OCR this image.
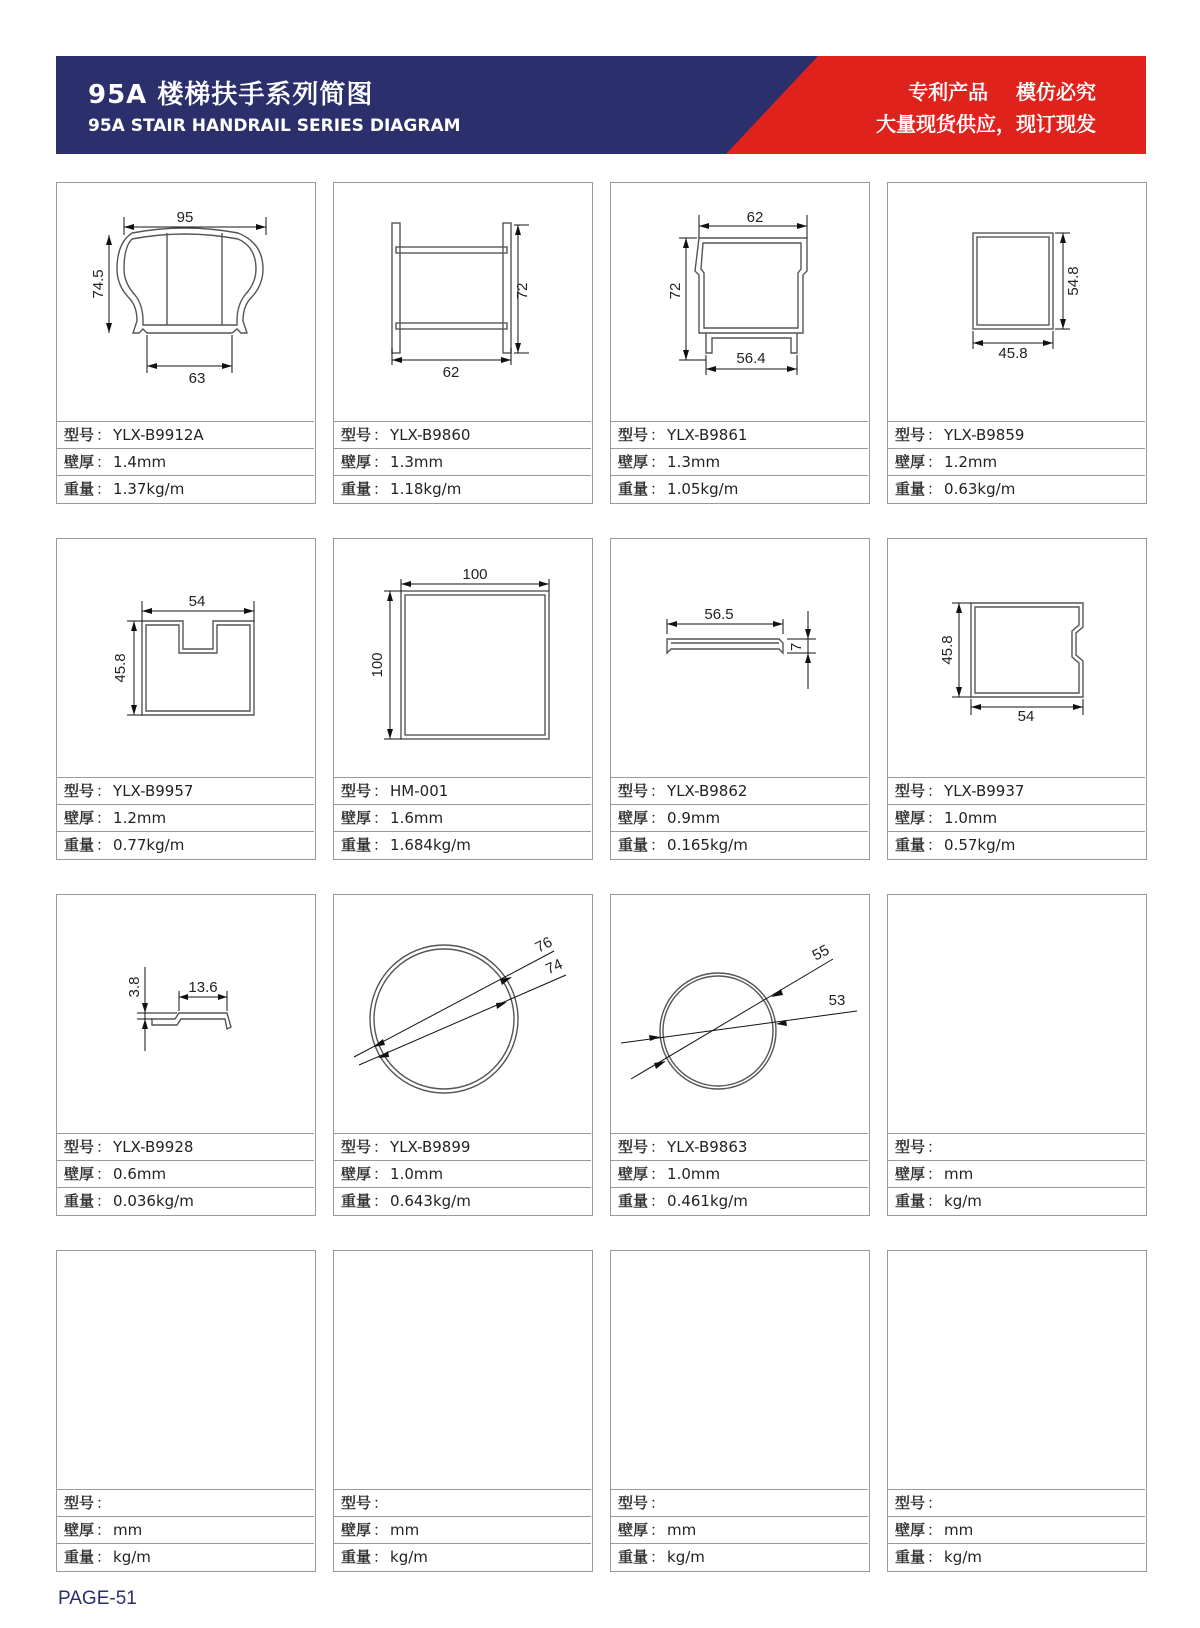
95A 楼梯扶手系列简图
95A STAIR HANDRAIL SERIES DIAGRAM
专利产品    模仿必究
大量现货供应，现订现发
95
74.5
63
型号 ： YLX-B9912A
壁厚 ： 1.4mm
重量 ： 1.37kg/m
72
62
型号 ： YLX-B9860
壁厚 ： 1.3mm
重量 ： 1.18kg/m
62
72
56.4
型号 ： YLX-B9861
壁厚 ： 1.3mm
重量 ： 1.05kg/m
54.8
45.8
型号 ： YLX-B9859
壁厚 ： 1.2mm
重量 ： 0.63kg/m
54
45.8
型号 ： YLX-B9957
壁厚 ： 1.2mm
重量 ： 0.77kg/m
100
100
型号 ： HM-001
壁厚 ： 1.6mm
重量 ： 1.684kg/m
56.5
7
型号 ： YLX-B9862
壁厚 ： 0.9mm
重量 ： 0.165kg/m
45.8
54
型号 ： YLX-B9937
壁厚 ： 1.0mm
重量 ： 0.57kg/m
3.8	13.6
型号 ： YLX-B9928
壁厚 ： 0.6mm
重量 ： 0.036kg/m
76
74
型号 ： YLX-B9899
壁厚 ： 1.0mm
重量 ： 0.643kg/m
55
53
型号 ： YLX-B9863
壁厚 ： 1.0mm
重量 ： 0.461kg/m
型号 ：
壁厚 ： mm
重量 ： kg/m
型号 ：
壁厚 ： mm
重量 ： kg/m
型号 ：
壁厚 ： mm
重量 ： kg/m
型号 ：
壁厚 ： mm
重量 ： kg/m
型号 ：
壁厚 ： mm
重量 ： kg/m
PAGE-51
